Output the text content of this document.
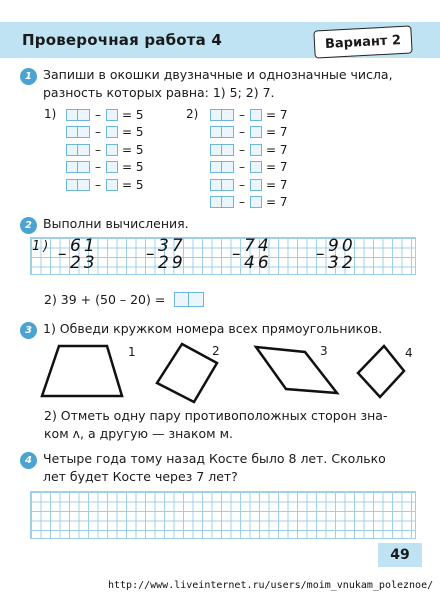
Проверочная работа 4	Вариант 2
1 Запиши в окошки двузначные и однозначные числа,
разность которых равна: 1) 5; 2) 7.
1)	– = 5
– = 5
– = 5
– = 5
– = 5
2)	– = 7
– = 7
– = 7
– = 7
– = 7
– = 7
2 Выполни вычисления.
1)	61
– 23
37
– 29
74
– 46
90
– 32
2) 39 + (50 – 20) =
3 1) Обведи кружком номера всех прямоугольников.
1	2	3	4
2) Отметь одну пару противоположных сторон зна-
ком ʌ, а другую — знаком м.
4 Четыре года тому назад Косте было 8 лет. Сколько
лет будет Косте через 7 лет?
49
http://www.liveinternet.ru/users/moim_vnukam_poleznoe/
